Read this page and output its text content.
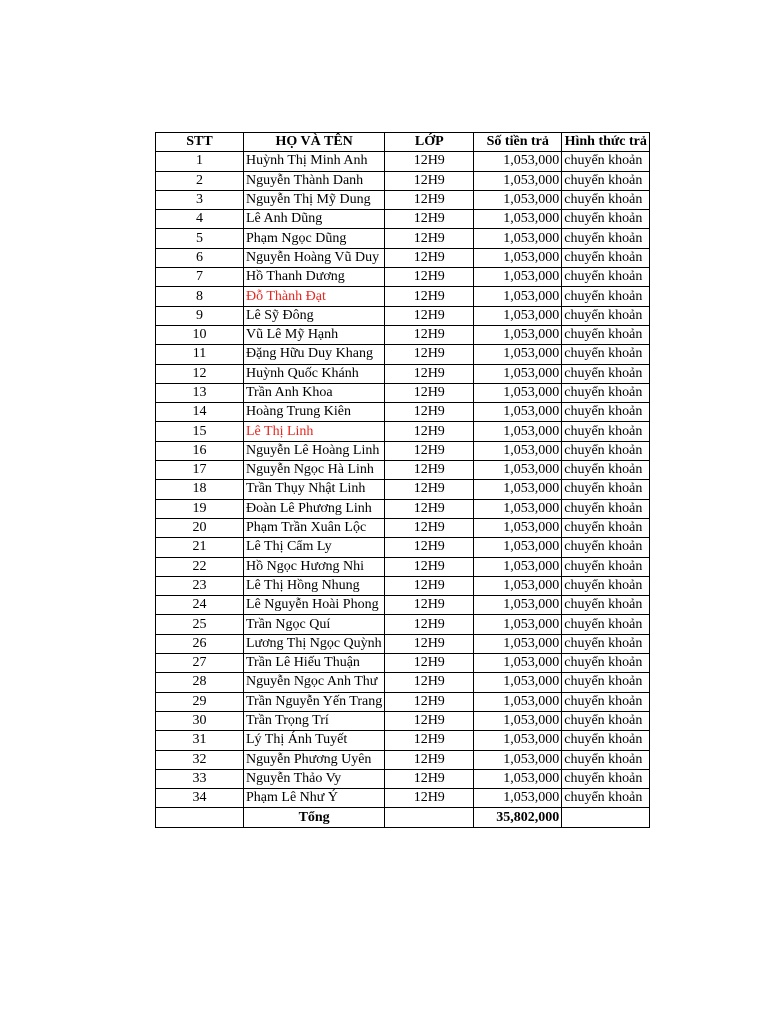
STT	HỌ VÀ TÊN	LỚP	Số tiền trả	Hình thức trả
1	Huỳnh Thị Minh Anh	12H9	1,053,000	chuyển khoản
2	Nguyễn Thành Danh	12H9	1,053,000	chuyển khoản
3	Nguyễn Thị Mỹ Dung	12H9	1,053,000	chuyển khoản
4	Lê Anh Dũng	12H9	1,053,000	chuyển khoản
5	Phạm Ngọc Dũng	12H9	1,053,000	chuyển khoản
6	Nguyễn Hoàng Vũ Duy	12H9	1,053,000	chuyển khoản
7	Hồ Thanh Dương	12H9	1,053,000	chuyển khoản
8	Đỗ Thành Đạt	12H9	1,053,000	chuyển khoản
9	Lê Sỹ Đông	12H9	1,053,000	chuyển khoản
10	Vũ Lê Mỹ Hạnh	12H9	1,053,000	chuyển khoản
11	Đặng Hữu Duy Khang	12H9	1,053,000	chuyển khoản
12	Huỳnh Quốc Khánh	12H9	1,053,000	chuyển khoản
13	Trần Anh Khoa	12H9	1,053,000	chuyển khoản
14	Hoàng Trung Kiên	12H9	1,053,000	chuyển khoản
15	Lê Thị Linh	12H9	1,053,000	chuyển khoản
16	Nguyễn Lê Hoàng Linh	12H9	1,053,000	chuyển khoản
17	Nguyễn Ngọc Hà Linh	12H9	1,053,000	chuyển khoản
18	Trần Thụy Nhật Linh	12H9	1,053,000	chuyển khoản
19	Đoàn Lê Phương Linh	12H9	1,053,000	chuyển khoản
20	Phạm Trần Xuân Lộc	12H9	1,053,000	chuyển khoản
21	Lê Thị Cẩm Ly	12H9	1,053,000	chuyển khoản
22	Hồ Ngọc Hương Nhi	12H9	1,053,000	chuyển khoản
23	Lê Thị Hồng Nhung	12H9	1,053,000	chuyển khoản
24	Lê Nguyễn Hoài Phong	12H9	1,053,000	chuyển khoản
25	Trần Ngọc Quí	12H9	1,053,000	chuyển khoản
26	Lương Thị Ngọc Quỳnh	12H9	1,053,000	chuyển khoản
27	Trần Lê Hiếu Thuận	12H9	1,053,000	chuyển khoản
28	Nguyễn Ngọc Anh Thư	12H9	1,053,000	chuyển khoản
29	Trần Nguyễn Yến Trang	12H9	1,053,000	chuyển khoản
30	Trần Trọng Trí	12H9	1,053,000	chuyển khoản
31	Lý Thị Ánh Tuyết	12H9	1,053,000	chuyển khoản
32	Nguyễn Phương Uyên	12H9	1,053,000	chuyển khoản
33	Nguyễn Thảo Vy	12H9	1,053,000	chuyển khoản
34	Phạm Lê Như Ý	12H9	1,053,000	chuyển khoản
	Tổng		35,802,000	
